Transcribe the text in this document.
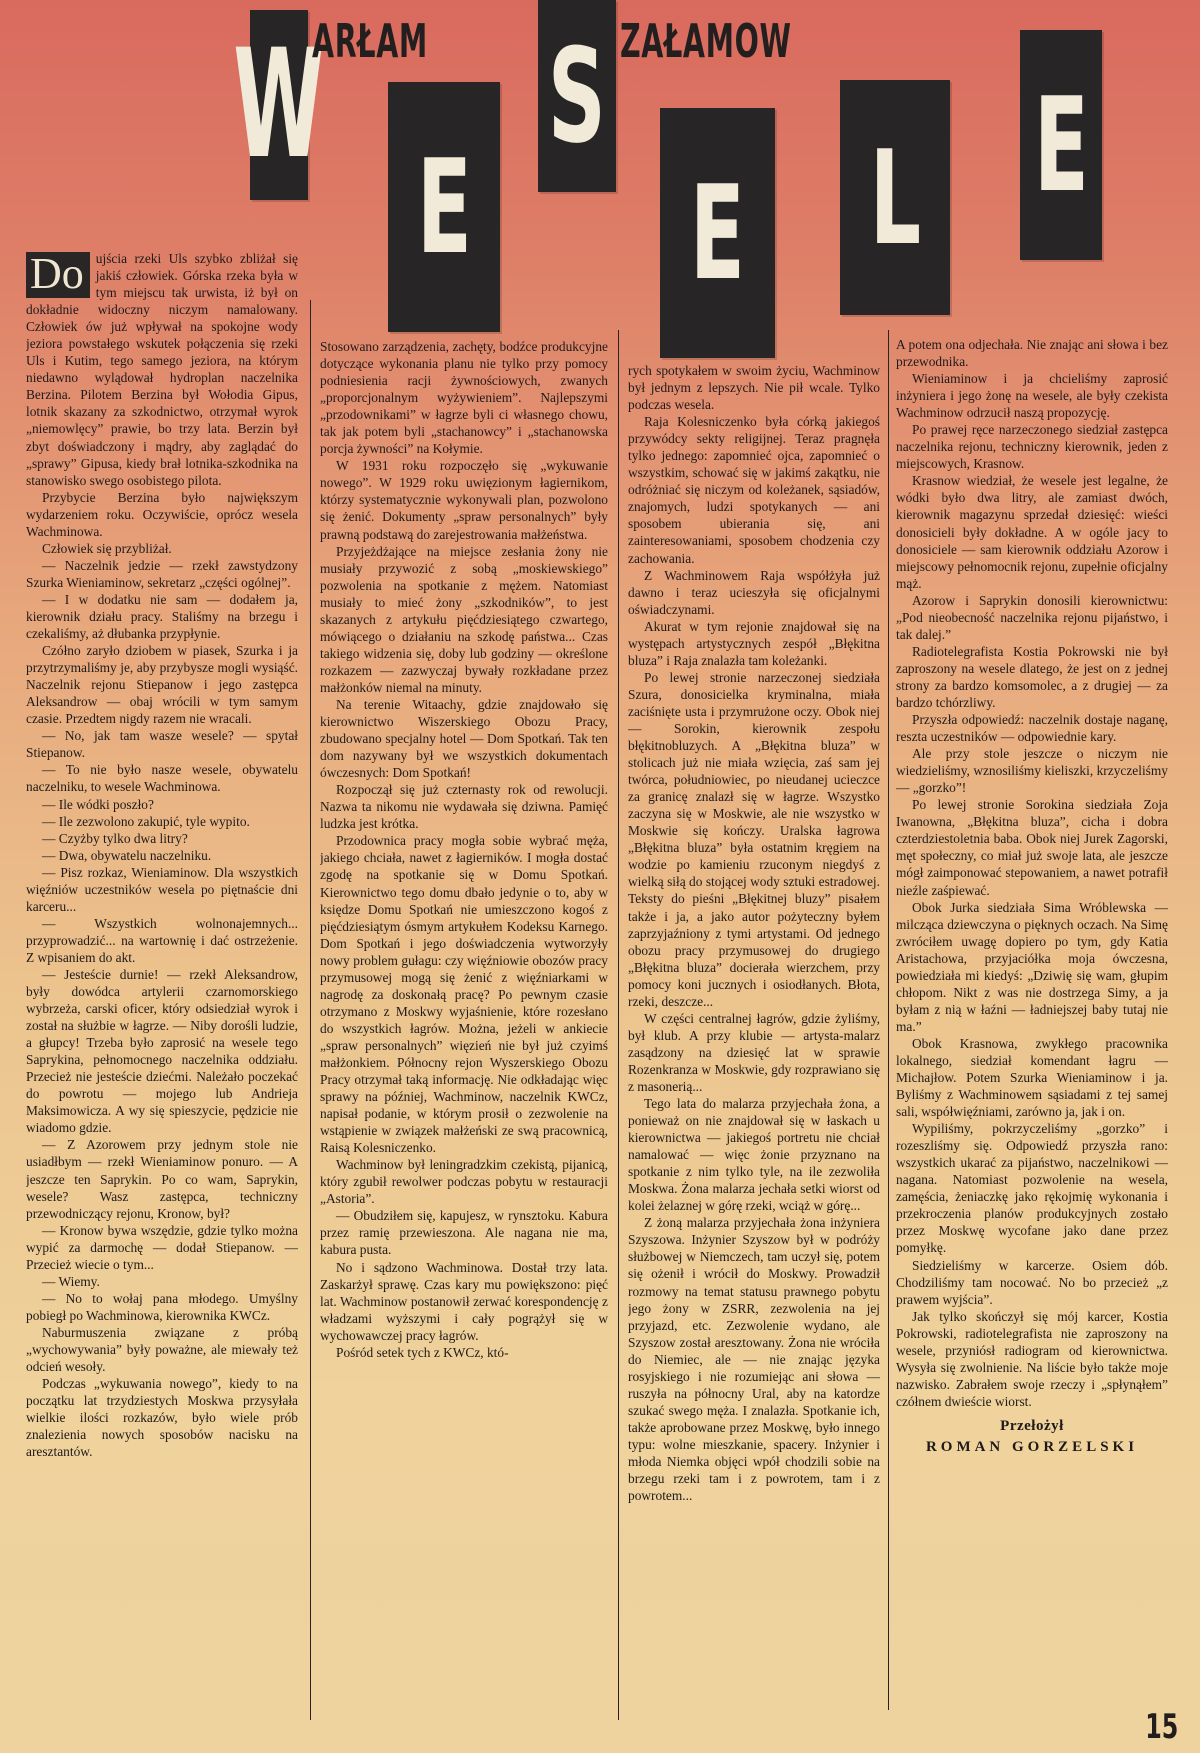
W
ARŁAM S ZAŁAMOW
E E L E

Do ujścia rzeki Uls szybko zbliżał się jakiś człowiek. Górska rzeka była w tym miejscu tak urwista, iż był on dokładnie widoczny niczym namalowany. Człowiek ów już wpływał na spokojne wody jeziora powstałego wskutek połączenia się rzeki Uls i Kutim, tego samego jeziora, na którym niedawno wylądował hydroplan naczelnika Berzina. Pilotem Berzina był Wołodia Gipus, lotnik skazany za szkodnictwo, otrzymał wyrok „niemowlęcy” prawie, bo trzy lata. Berzin był zbyt doświadczony i mądry, aby zaglądać do „sprawy” Gipusa, kiedy brał lotnika-szkodnika na stanowisko swego osobistego pilota.

Przybycie Berzina było największym wydarzeniem roku. Oczywiście, oprócz wesela Wachminowa.

Człowiek się przybliżał.

— Naczelnik jedzie — rzekł zawstydzony Szurka Wieniaminow, sekretarz „części ogólnej”.

— I w dodatku nie sam — dodałem ja, kierownik działu pracy. Staliśmy na brzegu i czekaliśmy, aż dłubanka przypłynie.

Czółno zaryło dziobem w piasek, Szurka i ja przytrzymaliśmy je, aby przybysze mogli wysiąść. Naczelnik rejonu Stiepanow i jego zastępca Aleksandrow — obaj wrócili w tym samym czasie. Przedtem nigdy razem nie wracali.

— No, jak tam wasze wesele? — spytał Stiepanow.

— To nie było nasze wesele, obywatelu naczelniku, to wesele Wachminowa.

— Ile wódki poszło?

— Ile zezwolono zakupić, tyle wypito.

— Czyżby tylko dwa litry?

— Dwa, obywatelu naczelniku.

— Pisz rozkaz, Wieniaminow. Dla wszystkich więźniów uczestników wesela po piętnaście dni karceru...

— Wszystkich wolnonajemnych... przyprowadzić... na wartownię i dać ostrzeżenie. Z wpisaniem do akt.

— Jesteście durnie! — rzekł Aleksandrow, były dowódca artylerii czarnomorskiego wybrzeża, carski oficer, który odsiedział wyrok i został na służbie w łagrze. — Niby dorośli ludzie, a głupcy! Trzeba było zaprosić na wesele tego Saprykina, pełnomocnego naczelnika oddziału. Przecież nie jesteście dziećmi. Należało poczekać do powrotu — mojego lub Andrieja Maksimowicza. A wy się spieszycie, pędzicie nie wiadomo gdzie.

— Z Azorowem przy jednym stole nie usiadłbym — rzekł Wieniaminow ponuro. — A jeszcze ten Saprykin. Po co wam, Saprykin, wesele? Wasz zastępca, techniczny przewodniczący rejonu, Kronow, był?

— Kronow bywa wszędzie, gdzie tylko można wypić za darmochę — dodał Stiepanow. — Przecież wiecie o tym...

— Wiemy.

— No to wołaj pana młodego. Umyślny pobiegł po Wachminowa, kierownika KWCz.

Naburmuszenia związane z próbą „wychowywania” były poważne, ale miewały też odcień wesoły.

Podczas „wykuwania nowego”, kiedy to na początku lat trzydziestych Moskwa przysyłała wielkie ilości rozkazów, było wiele prób znalezienia nowych sposobów nacisku na aresztantów.

Stosowano zarządzenia, zachęty, bodźce produkcyjne dotyczące wykonania planu nie tylko przy pomocy podniesienia racji żywnościowych, zwanych „proporcjonalnym wyżywieniem”. Najlepszymi „przodownikami” w łagrze byli ci własnego chowu, tak jak potem byli „stachanowcy” i „stachanowska porcja żywności” na Kołymie.

W 1931 roku rozpoczęło się „wykuwanie nowego”. W 1929 roku uwięzionym łagiernikom, którzy systematycznie wykonywali plan, pozwolono się żenić. Dokumenty „spraw personalnych” były prawną podstawą do zarejestrowania małżeństwa.

Przyjeżdżające na miejsce zesłania żony nie musiały przywozić z sobą „moskiewskiego” pozwolenia na spotkanie z mężem. Natomiast musiały to mieć żony „szkodników”, to jest skazanych z artykułu pięćdziesiątego czwartego, mówiącego o działaniu na szkodę państwa... Czas takiego widzenia się, doby lub godziny — określone rozkazem — zazwyczaj bywały rozkładane przez małżonków niemal na minuty.

Na terenie Witaachy, gdzie znajdowało się kierownictwo Wiszerskiego Obozu Pracy, zbudowano specjalny hotel — Dom Spotkań. Tak ten dom nazywany był we wszystkich dokumentach ówczesnych: Dom Spotkań!

Rozpoczął się już czternasty rok od rewolucji. Nazwa ta nikomu nie wydawała się dziwna. Pamięć ludzka jest krótka.

Przodownica pracy mogła sobie wybrać męża, jakiego chciała, nawet z łagierników. I mogła dostać zgodę na spotkanie się w Domu Spotkań. Kierownictwo tego domu dbało jedynie o to, aby w księdze Domu Spotkań nie umieszczono kogoś z pięćdziesiątym ósmym artykułem Kodeksu Karnego. Dom Spotkań i jego doświadczenia wytworzyły nowy problem gułagu: czy więźniowie obozów pracy przymusowej mogą się żenić z więźniarkami w nagrodę za doskonałą pracę? Po pewnym czasie otrzymano z Moskwy wyjaśnienie, które rozesłano do wszystkich łagrów. Można, jeżeli w ankiecie „spraw personalnych” więzień nie był już czyimś małżonkiem. Północny rejon Wyszerskiego Obozu Pracy otrzymał taką informację. Nie odkładając więc sprawy na później, Wachminow, naczelnik KWCz, napisał podanie, w którym prosił o zezwolenie na wstąpienie w związek małżeński ze swą pracownicą, Raisą Kolesniczenko.

Wachminow był leningradzkim czekistą, pijanicą, który zgubił rewolwer podczas pobytu w restauracji „Astoria”.

— Obudziłem się, kapujesz, w rynsztoku. Kabura przez ramię przewieszona. Ale nagana nie ma, kabura pusta.

No i sądzono Wachminowa. Dostał trzy lata. Zaskarżył sprawę. Czas kary mu powiększono: pięć lat. Wachminow postanowił zerwać korespondencję z władzami wyższymi i cały pogrążył się w wychowawczej pracy łagrów.

Pośród setek tych z KWCz, któ-

rych spotykałem w swoim życiu, Wachminow był jednym z lepszych. Nie pił wcale. Tylko podczas wesela.

Raja Kolesniczenko była córką jakiegoś przywódcy sekty religijnej. Teraz pragnęła tylko jednego: zapomnieć ojca, zapomnieć o wszystkim, schować się w jakimś zakątku, nie odróżniać się niczym od koleżanek, sąsiadów, znajomych, ludzi spotykanych — ani sposobem ubierania się, ani zainteresowaniami, sposobem chodzenia czy zachowania.

Z Wachminowem Raja współżyła już dawno i teraz ucieszyła się oficjalnymi oświadczynami.

Akurat w tym rejonie znajdował się na występach artystycznych zespół „Błękitna bluza” i Raja znalazła tam koleżanki.

Po lewej stronie narzeczonej siedziała Szura, donosicielka kryminalna, miała zaciśnięte usta i przymrużone oczy. Obok niej — Sorokin, kierownik zespołu błękitnobluzych. A „Błękitna bluza” w stolicach już nie miała wzięcia, zaś sam jej twórca, południowiec, po nieudanej ucieczce za granicę znalazł się w łagrze. Wszystko zaczyna się w Moskwie, ale nie wszystko w Moskwie się kończy. Uralska łagrowa „Błękitna bluza” była ostatnim kręgiem na wodzie po kamieniu rzuconym niegdyś z wielką siłą do stojącej wody sztuki estradowej. Teksty do pieśni „Błękitnej bluzy” pisałem także i ja, a jako autor pożyteczny byłem zaprzyjaźniony z tymi artystami. Od jednego obozu pracy przymusowej do drugiego „Błękitna bluza” docierała wierzchem, przy pomocy koni jucznych i osiodłanych. Błota, rzeki, deszcze...

W części centralnej łagrów, gdzie żyliśmy, był klub. A przy klubie — artysta-malarz zasądzony na dziesięć lat w sprawie Rozenkranza w Moskwie, gdy rozprawiano się z masonerią...

Tego lata do malarza przyjechała żona, a ponieważ on nie znajdował się w łaskach u kierownictwa — jakiegoś portretu nie chciał namalować — więc żonie przyznano na spotkanie z nim tylko tyle, na ile zezwoliła Moskwa. Żona malarza jechała setki wiorst od kolei żelaznej w górę rzeki, wciąż w górę...

Z żoną malarza przyjechała żona inżyniera Szyszowa. Inżynier Szyszow był w podróży służbowej w Niemczech, tam uczył się, potem się ożenił i wrócił do Moskwy. Prowadził rozmowy na temat statusu prawnego pobytu jego żony w ZSRR, zezwolenia na jej przyjazd, etc. Zezwolenie wydano, ale Szyszow został aresztowany. Żona nie wróciła do Niemiec, ale — nie znając języka rosyjskiego i nie rozumiejąc ani słowa — ruszyła na północny Ural, aby na katordze szukać swego męża. I znalazła. Spotkanie ich, także aprobowane przez Moskwę, było innego typu: wolne mieszkanie, spacery. Inżynier i młoda Niemka objęci wpół chodzili sobie na brzegu rzeki tam i z powrotem, tam i z powrotem...

A potem ona odjechała. Nie znając ani słowa i bez przewodnika.

Wieniaminow i ja chcieliśmy zaprosić inżyniera i jego żonę na wesele, ale były czekista Wachminow odrzucił naszą propozycję.

Po prawej ręce narzeczonego siedział zastępca naczelnika rejonu, techniczny kierownik, jeden z miejscowych, Krasnow.

Krasnow wiedział, że wesele jest legalne, że wódki było dwa litry, ale zamiast dwóch, kierownik magazynu sprzedał dziesięć: wieści donosicieli były dokładne. A w ogóle jacy to donosiciele — sam kierownik oddziału Azorow i miejscowy pełnomocnik rejonu, zupełnie oficjalny mąż.

Azorow i Saprykin donosili kierownictwu: „Pod nieobecność naczelnika rejonu pijaństwo, i tak dalej.”

Radiotelegrafista Kostia Pokrowski nie był zaproszony na wesele dlatego, że jest on z jednej strony za bardzo komsomolec, a z drugiej — za bardzo tchórzliwy.

Przyszła odpowiedź: naczelnik dostaje naganę, reszta uczestników — odpowiednie kary.

Ale przy stole jeszcze o niczym nie wiedzieliśmy, wznosiliśmy kieliszki, krzyczeliśmy — „gorzko”!

Po lewej stronie Sorokina siedziała Zoja Iwanowna, „Błękitna bluza”, cicha i dobra czterdziestoletnia baba. Obok niej Jurek Zagorski, męt społeczny, co miał już swoje lata, ale jeszcze mógł zaimponować stepowaniem, a nawet potrafił nieźle zaśpiewać.

Obok Jurka siedziała Sima Wróblewska — milcząca dziewczyna o pięknych oczach. Na Simę zwróciłem uwagę dopiero po tym, gdy Katia Aristachowa, przyjaciółka moja ówczesna, powiedziała mi kiedyś: „Dziwię się wam, głupim chłopom. Nikt z was nie dostrzega Simy, a ja byłam z nią w łaźni — ładniejszej baby tutaj nie ma.”

Obok Krasnowa, zwykłego pracownika lokalnego, siedział komendant łagru — Michajłow. Potem Szurka Wieniaminow i ja. Byliśmy z Wachminowem sąsiadami z tej samej sali, współwięźniami, zarówno ja, jak i on.

Wypiliśmy, pokrzyczeliśmy „gorzko” i rozeszliśmy się. Odpowiedź przyszła rano: wszystkich ukarać za pijaństwo, naczelnikowi — nagana. Natomiast pozwolenie na wesela, zamęścia, żeniaczkę jako rękojmię wykonania i przekroczenia planów produkcyjnych zostało przez Moskwę wycofane jako dane przez pomyłkę.

Siedzieliśmy w karcerze. Osiem dób. Chodziliśmy tam nocować. No bo przecież „z prawem wyjścia”.

Jak tylko skończył się mój karcer, Kostia Pokrowski, radiotelegrafista nie zaproszony na wesele, przyniósł radiogram od kierownictwa. Wysyła się zwolnienie. Na liście było także moje nazwisko. Zabrałem swoje rzeczy i „spłynąłem” czółnem dwieście wiorst.

Przełożył
ROMAN GORZELSKI
15
